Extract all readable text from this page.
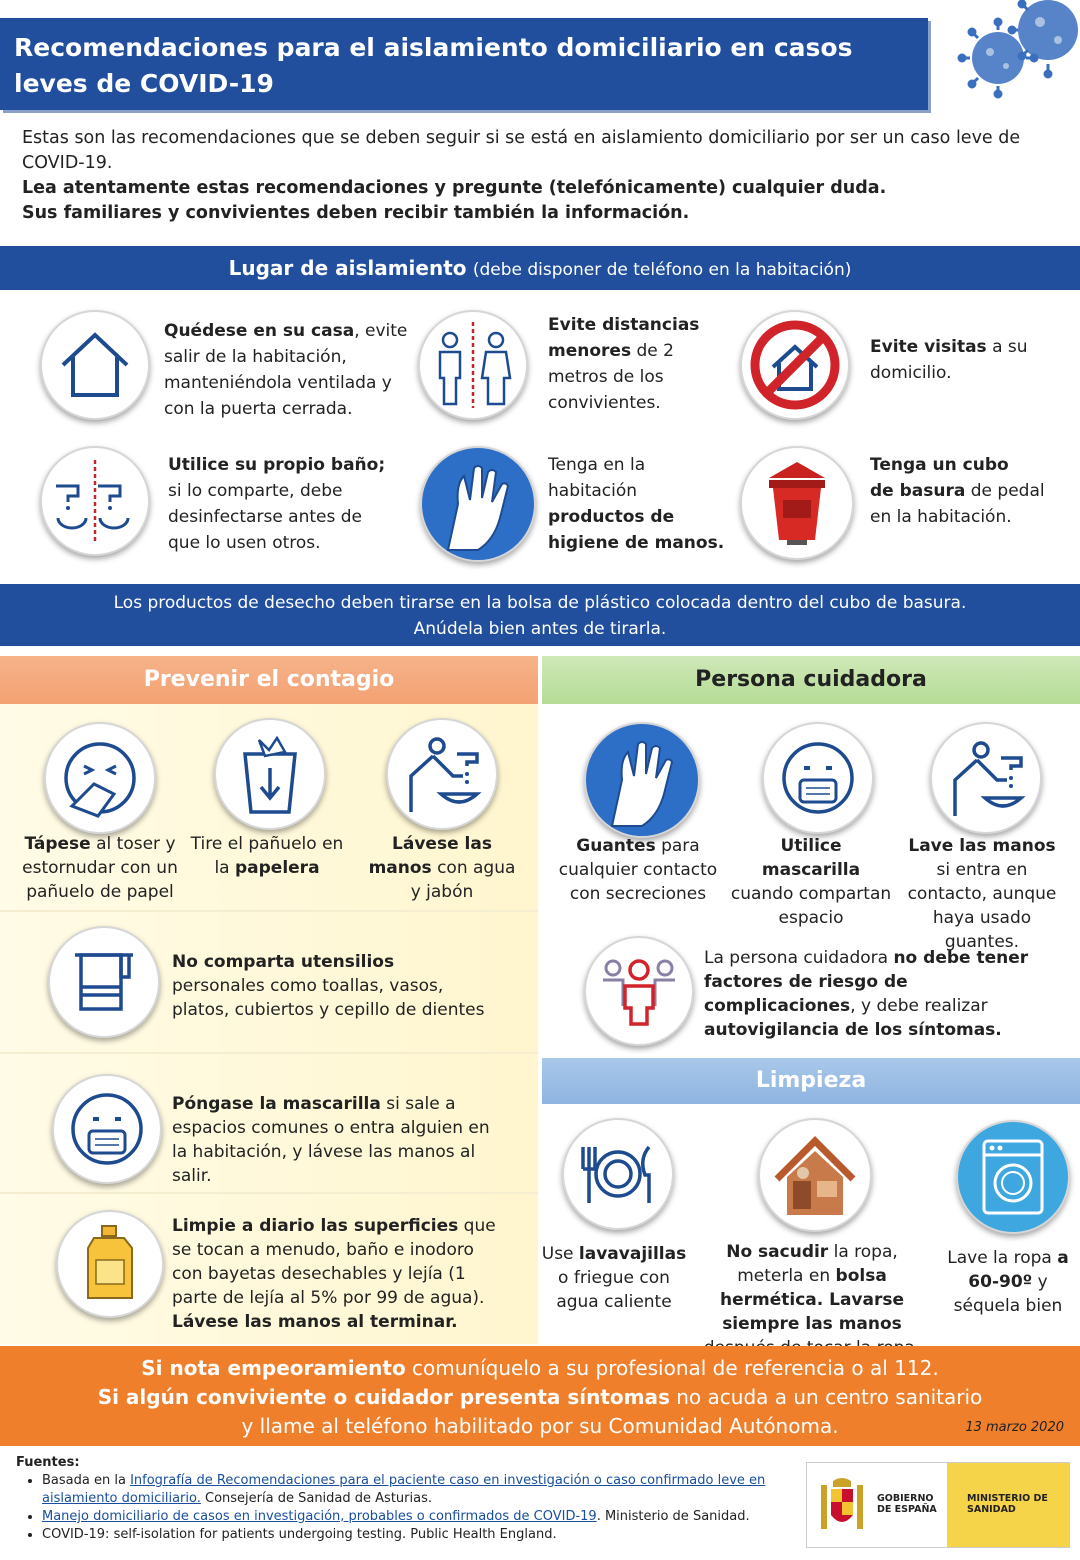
Recomendaciones para el aislamiento domiciliario en casos leves de COVID-19

Estas son las recomendaciones que se deben seguir si se está en aislamiento domiciliario por ser un caso leve de COVID-19.

Lea atentamente estas recomendaciones y pregunte (telefónicamente) cualquier duda.

Sus familiares y convivientes deben recibir también la información.

Lugar de aislamiento (debe disponer de teléfono en la habitación)
Quédese en su casa, evite salir de la habitación, manteniéndola ventilada y con la puerta cerrada.
Evite distancias menores de 2 metros de los convivientes.
Evite visitas a su domicilio.
Utilice su propio baño; si lo comparte, debe desinfectarse antes de que lo usen otros.
Tenga en la habitación productos de higiene de manos.
Tenga un cubo
de basura de pedal en la habitación.
Los productos de desecho deben tirarse en la bolsa de plástico colocada dentro del cubo de basura.
Anúdela bien antes de tirarla.
Prevenir el contagio	Persona cuidadora
Tápese al toser y estornudar con un pañuelo de papel
Tire el pañuelo en la papelera
Lávese las manos con agua y jabón
No comparta utensilios personales como toallas, vasos, platos, cubiertos y cepillo de dientes
Póngase la mascarilla si sale a espacios comunes o entra alguien en la habitación, y lávese las manos al salir.
Limpie a diario las superficies que se tocan a menudo, baño e inodoro con bayetas desechables y lejía (1 parte de lejía al 5% por 99 de agua). Lávese las manos al terminar.
Guantes para cualquier contacto con secreciones
Utilice mascarilla cuando compartan espacio
Lave las manos si entra en contacto, aunque haya usado guantes.
La persona cuidadora no debe tener factores de riesgo de complicaciones, y debe realizar autovigilancia de los síntomas.
Limpieza
Use lavavajillas o friegue con agua caliente
No sacudir la ropa, meterla en bolsa hermética. Lavarse siempre las manos
Lave la ropa a 60-90º y séquela bien
Si nota empeoramiento comuníquelo a su profesional de referencia o al 112.
Si algún conviviente o cuidador presenta síntomas no acuda a un centro sanitario
y llame al teléfono habilitado por su Comunidad Autónoma.	13 marzo 2020
Fuentes:
• Basada en la Infografía de Recomendaciones para el paciente caso en investigación o caso confirmado leve en aislamiento domiciliario. Consejería de Sanidad de Asturias.
• Manejo domiciliario de casos en investigación, probables o confirmados de COVID-19. Ministerio de Sanidad.
• COVID-19: self-isolation for patients undergoing testing. Public Health England.
GOBIERNO DE ESPAÑA
MINISTERIO DE SANIDAD
